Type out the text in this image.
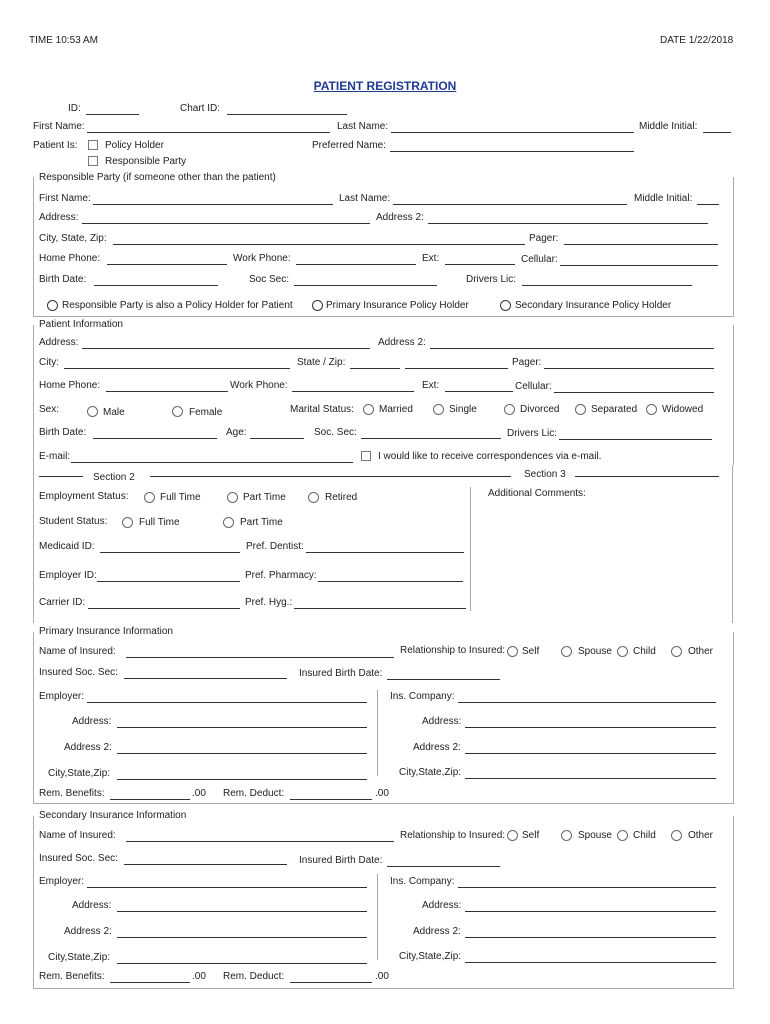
TIME 10:53 AM	DATE 1/22/2018
PATIENT REGISTRATION
ID:	Chart ID:
First Name:	Last Name:	Middle Initial:
Patient Is:	Policy Holder
Responsible Party
Preferred Name:
Responsible Party (if someone other than the patient)
First Name:	Last Name:	Middle Initial:
Address:	Address 2:
City, State, Zip:	Pager:
Home Phone:	Work Phone:	Ext:	Cellular:
Birth Date:	Soc Sec:	Drivers Lic:
Responsible Party is also a Policy Holder for Patient	Primary Insurance Policy Holder	Secondary Insurance Policy Holder
Patient Information
Address:	Address 2:
City:	State / Zip:	Pager:
Home Phone:	Work Phone:	Ext:	Cellular:
Sex:	Male	Female	Marital Status:	Married	Single	Divorced	Separated Widowed
Birth Date:	Age:	Soc. Sec:	Drivers Lic:
E-mail:	I would like to receive correspondences via e-mail.
Section 2	Section 3
Additional Comments:
Employment Status:	Full Time	Part Time	Retired
Student Status:	Full Time	Part Time
Medicaid ID:	Pref. Dentist:
Employer ID:	Pref. Pharmacy:
Carrier ID:	Pref. Hyg.:
Primary Insurance Information
Name of Insured:	Relationship to Insured: Self	Spouse Child	Other
Insured Soc. Sec:	Insured Birth Date:
Employer:	Ins. Company:
Address:	Address:
Address 2:	Address 2:
City,State,Zip:	City,State,Zip:
Rem. Benefits:	.00 Rem. Deduct:	.00
Secondary Insurance Information
Name of Insured:	Relationship to Insured: Self	Spouse Child	Other
Insured Soc. Sec:	Insured Birth Date:
Employer:	Ins. Company:
Address:	Address:
Address 2:	Address 2:
City,State,Zip:	City,State,Zip:
Rem. Benefits:	.00 Rem. Deduct:	.00
